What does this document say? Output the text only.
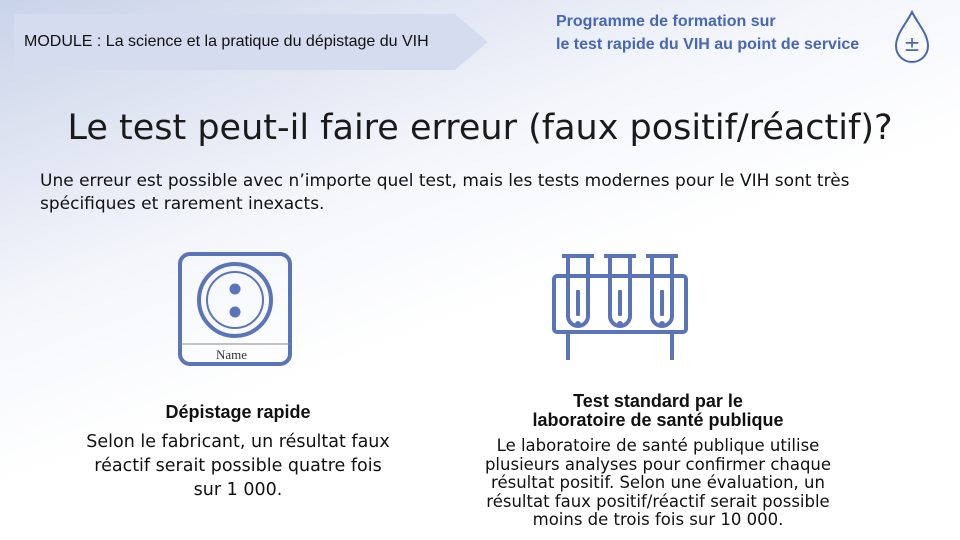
MODULE : La science et la pratique du dépistage du VIH
Programme de formation sur
le test rapide du VIH au point de service	±
Le test peut-il faire erreur (faux positif/réactif)?
Une erreur est possible avec n’importe quel test, mais les tests modernes pour le VIH sont très spécifiques et rarement inexacts.
Name
Dépistage rapide
Selon le fabricant, un résultat faux réactif serait possible quatre fois sur 1 000.
Test standard par le
laboratoire de santé publique
Le laboratoire de santé publique utilise plusieurs analyses pour confirmer chaque résultat positif. Selon une évaluation, un résultat faux positif/réactif serait possible moins de trois fois sur 10 000.
